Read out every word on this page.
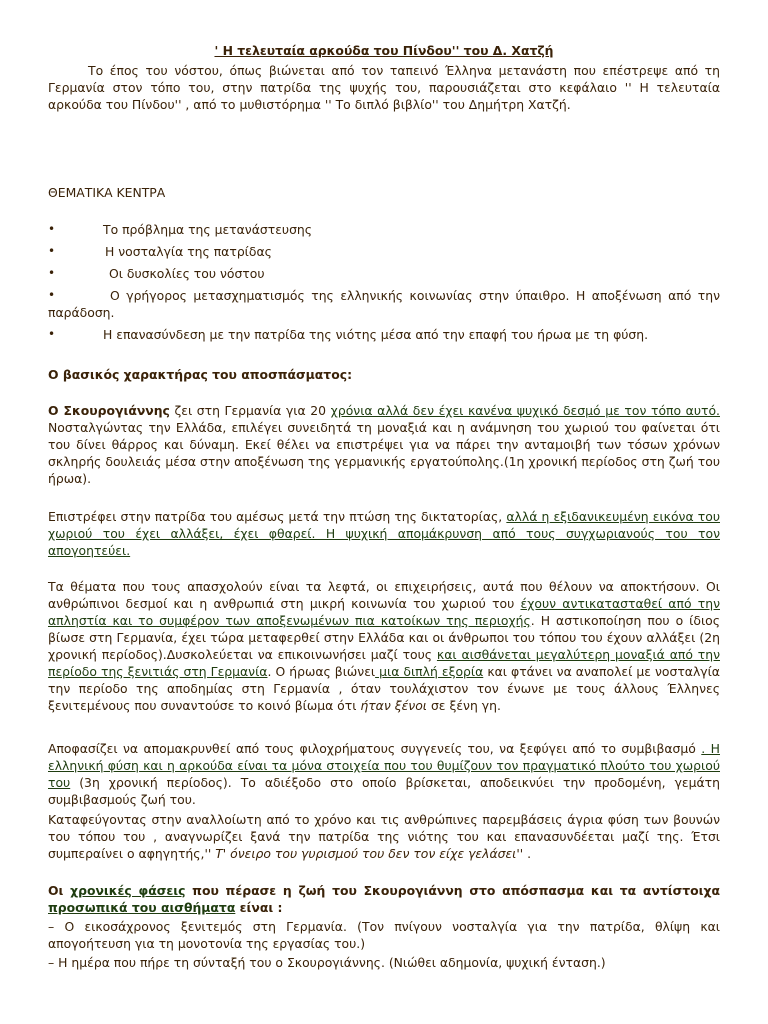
' Η τελευταία αρκούδα του Πίνδου'' του Δ. Χατζή

Το έπος του νόστου, όπως βιώνεται από τον ταπεινό Έλληνα μετανάστη που επέστρεψε από τη Γερμανία στον τόπο του, στην πατρίδα της ψυχής του, παρουσιάζεται στο κεφάλαιο '' Η τελευταία αρκούδα του Πίνδου'' , από το μυθιστόρημα '' Το διπλό βιβλίο'' του Δημήτρη Χατζή.

ΘΕΜΑΤΙΚΑ ΚΕΝΤΡΑ
•	Το πρόβλημα της μετανάστευσης
•	Η νοσταλγία της πατρίδας
•	Οι δυσκολίες του νόστου
•	Ο γρήγορος μετασχηματισμός της ελληνικής κοινωνίας στην ύπαιθρο. Η αποξένωση από την παράδοση.
•	Η επανασύνδεση με την πατρίδα της νιότης μέσα από την επαφή του ήρωα με τη φύση.
Ο βασικός χαρακτήρας του αποσπάσματος:

Ο Σκουρογιάννης ζει στη Γερμανία για 20 χρόνια αλλά δεν έχει κανένα ψυχικό δεσμό με τον τόπο αυτό. Νοσταλγώντας την Ελλάδα, επιλέγει συνειδητά τη μοναξιά και η ανάμνηση του χωριού του φαίνεται ότι του δίνει θάρρος και δύναμη. Εκεί θέλει να επιστρέψει για να πάρει την ανταμοιβή των τόσων χρόνων σκληρής δουλειάς μέσα στην αποξένωση της γερμανικής εργατούπολης.(1η χρονική περίοδος στη ζωή του ήρωα).

Επιστρέφει στην πατρίδα του αμέσως μετά την πτώση της δικτατορίας, αλλά η εξιδανικευμένη εικόνα του χωριού του έχει αλλάξει, έχει φθαρεί. Η ψυχική απομάκρυνση από τους συγχωριανούς του τον απογοητεύει.

Τα θέματα που τους απασχολούν είναι τα λεφτά, οι επιχειρήσεις, αυτά που θέλουν να αποκτήσουν. Οι ανθρώπινοι δεσμοί και η ανθρωπιά στη μικρή κοινωνία του χωριού του έχουν αντικατασταθεί από την απληστία και το συμφέρον των αποξενωμένων πια κατοίκων της περιοχής. Η αστικοποίηση που ο ίδιος βίωσε στη Γερμανία, έχει τώρα μεταφερθεί στην Ελλάδα και οι άνθρωποι του τόπου του έχουν αλλάξει (2η χρονική περίοδος).Δυσκολεύεται να επικοινωνήσει μαζί τους και αισθάνεται μεγαλύτερη μοναξιά από την περίοδο της ξενιτιάς στη Γερμανία. Ο ήρωας βιώνει μια διπλή εξορία και φτάνει να αναπολεί με νοσταλγία την περίοδο της αποδημίας στη Γερμανία , όταν τουλάχιστον τον ένωνε με τους άλλους Έλληνες ξενιτεμένους που συναντούσε το κοινό βίωμα ότι ήταν ξένοι σε ξένη γη.

Αποφασίζει να απομακρυνθεί από τους φιλοχρήματους συγγενείς του, να ξεφύγει από το συμβιβασμό . Η ελληνική φύση και η αρκούδα είναι τα μόνα στοιχεία που του θυμίζουν τον πραγματικό πλούτο του χωριού του (3η χρονική περίοδος). Το αδιέξοδο στο οποίο βρίσκεται, αποδεικνύει την προδομένη, γεμάτη συμβιβασμούς ζωή του.

Καταφεύγοντας στην αναλλοίωτη από το χρόνο και τις ανθρώπινες παρεμβάσεις άγρια φύση των βουνών του τόπου του , αναγνωρίζει ξανά την πατρίδα της νιότης του και επανασυνδέεται μαζί της. Έτσι συμπεραίνει ο αφηγητής,'' Τ' όνειρο του γυρισμού του δεν τον είχε γελάσει'' .

Οι χρονικές φάσεις που πέρασε η ζωή του Σκουρογιάννη στο απόσπασμα και τα αντίστοιχα προσωπικά του αισθήματα είναι :

– Ο εικοσάχρονος ξενιτεμός στη Γερμανία. (Τον πνίγουν νοσταλγία για την πατρίδα, θλίψη και απογοήτευση για τη μονοτονία της εργασίας του.)

– Η ημέρα που πήρε τη σύνταξή του ο Σκουρογιάννης. (Νιώθει αδημονία, ψυχική ένταση.)
